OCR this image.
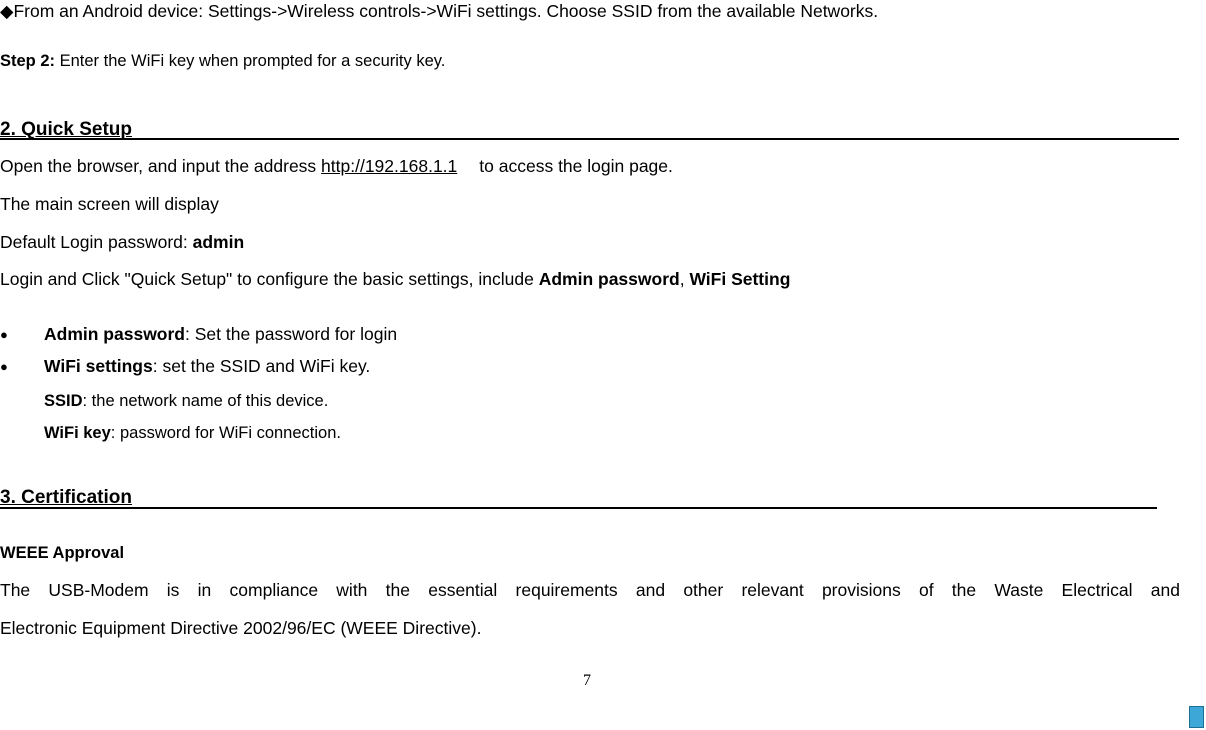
◆From an Android device: Settings->Wireless controls->WiFi settings. Choose SSID from the available Networks.
Step 2: Enter the WiFi key when prompted for a security key.
2. Quick Setup
Open the browser, and input the address http://192.168.1.1 to access the login page.
The main screen will display
Default Login password: admin
Login and Click "Quick Setup" to configure the basic settings, include Admin password, WiFi Setting
● Admin password: Set the password for login
● WiFi settings: set the SSID and WiFi key.
SSID: the network name of this device.
WiFi key: password for WiFi connection.
3. Certification
WEEE Approval
The USB-Modem is in compliance with the essential requirements and other relevant provisions of the Waste Electrical and
Electronic Equipment Directive 2002/96/EC (WEEE Directive).
7
